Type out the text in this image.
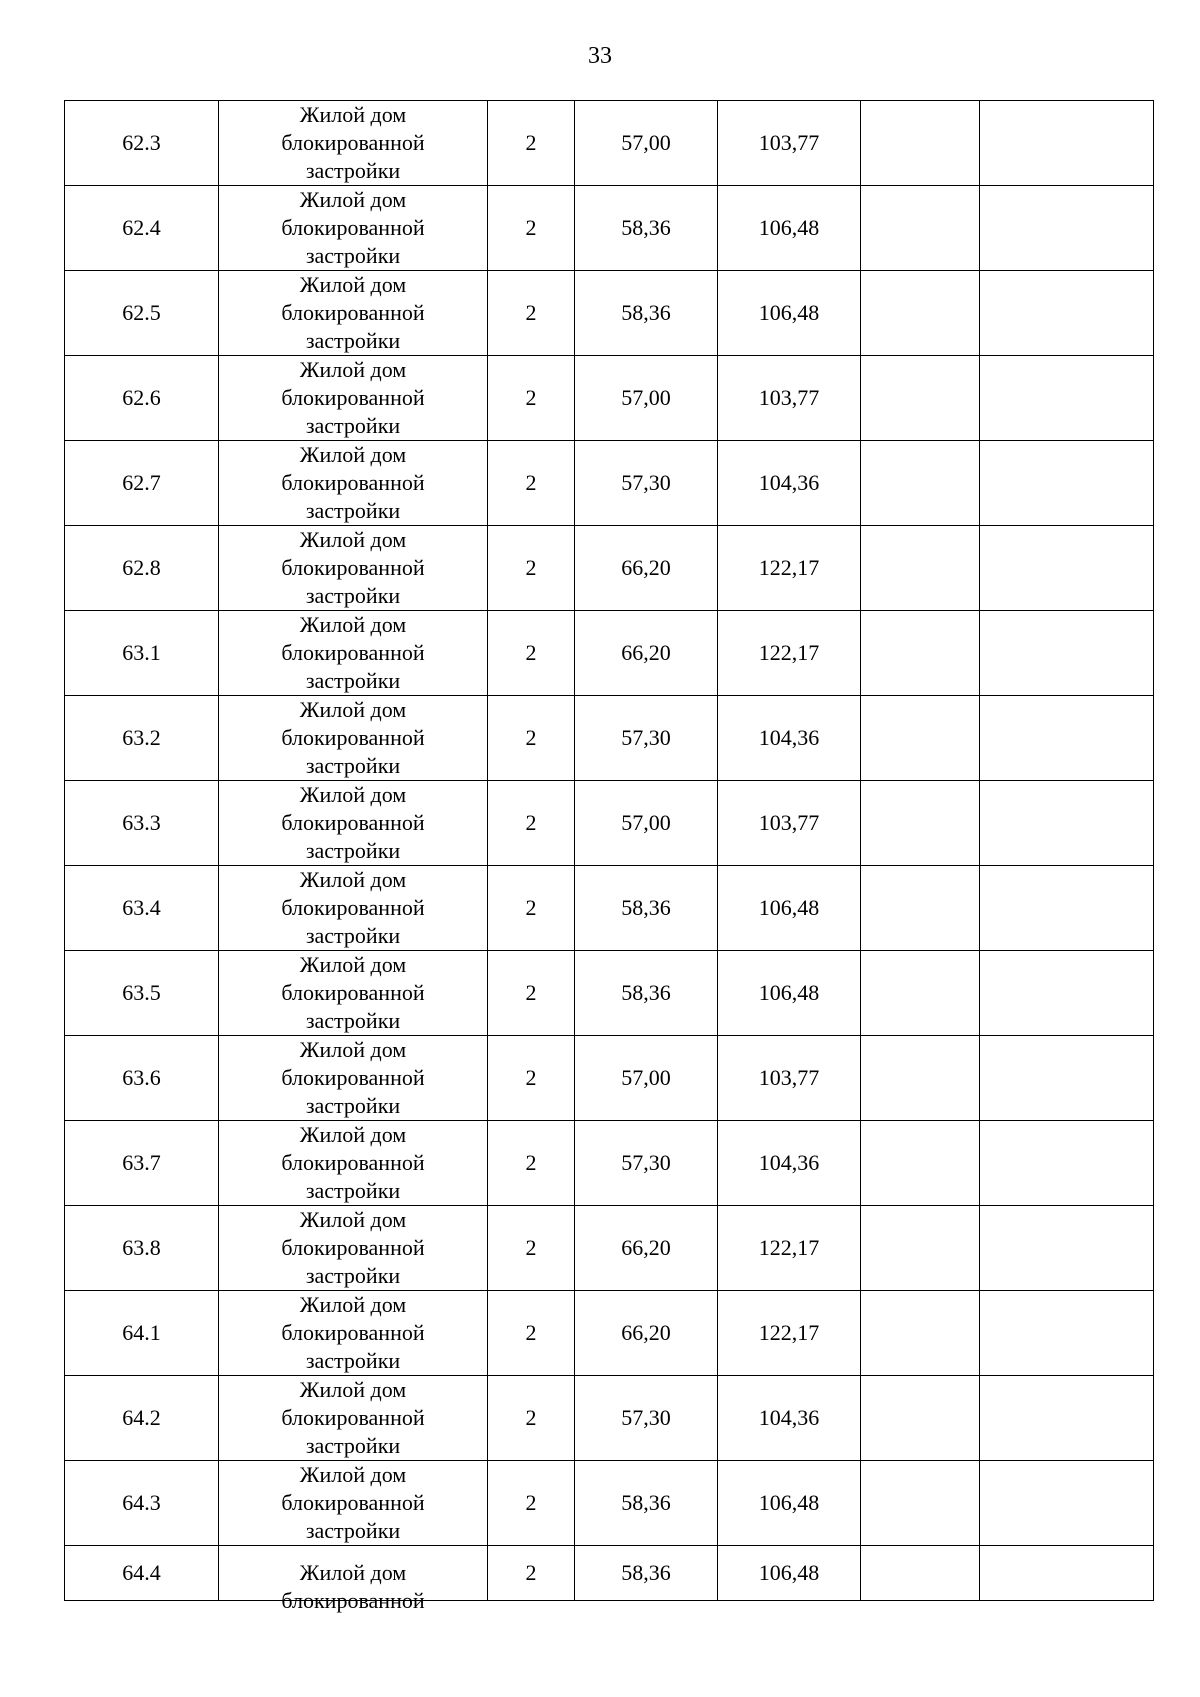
33
62.3	Жилой дом
блокированной
застройки	2	57,00	103,77		
62.4	Жилой дом
блокированной
застройки	2	58,36	106,48		
62.5	Жилой дом
блокированной
застройки	2	58,36	106,48		
62.6	Жилой дом
блокированной
застройки	2	57,00	103,77		
62.7	Жилой дом
блокированной
застройки	2	57,30	104,36		
62.8	Жилой дом
блокированной
застройки	2	66,20	122,17		
63.1	Жилой дом
блокированной
застройки	2	66,20	122,17		
63.2	Жилой дом
блокированной
застройки	2	57,30	104,36		
63.3	Жилой дом
блокированной
застройки	2	57,00	103,77		
63.4	Жилой дом
блокированной
застройки	2	58,36	106,48		
63.5	Жилой дом
блокированной
застройки	2	58,36	106,48		
63.6	Жилой дом
блокированной
застройки	2	57,00	103,77		
63.7	Жилой дом
блокированной
застройки	2	57,30	104,36		
63.8	Жилой дом
блокированной
застройки	2	66,20	122,17		
64.1	Жилой дом
блокированной
застройки	2	66,20	122,17		
64.2	Жилой дом
блокированной
застройки	2	57,30	104,36		
64.3	Жилой дом
блокированной
застройки	2	58,36	106,48		
64.4	Жилой дом
блокированной	2	58,36	106,48		
